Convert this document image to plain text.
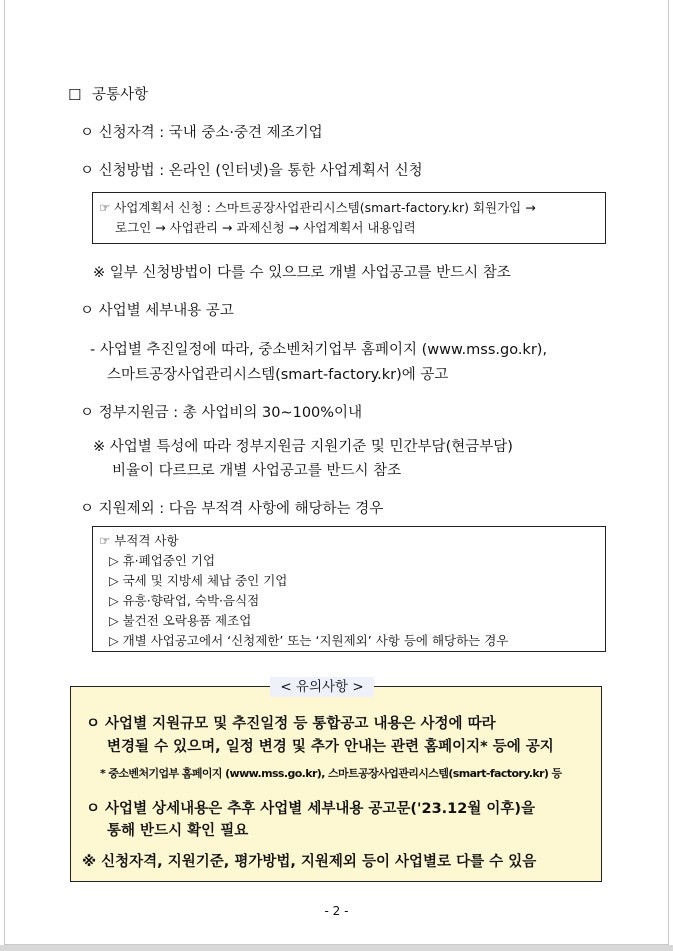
☐ 공통사항
ㅇ 신청자격 : 국내 중소·중견 제조기업
ㅇ 신청방법 : 온라인 (인터넷)을 통한 사업계획서 신청
☞ 사업계획서 신청 : 스마트공장사업관리시스템(smart-factory.kr) 회원가입 →
로그인 → 사업관리 → 과제신청 → 사업계획서 내용입력
※ 일부 신청방법이 다를 수 있으므로 개별 사업공고를 반드시 참조
ㅇ 사업별 세부내용 공고
- 사업별 추진일정에 따라, 중소벤처기업부 홈페이지 (www.mss.go.kr),
스마트공장사업관리시스템(smart-factory.kr)에 공고
ㅇ 정부지원금 : 총 사업비의 30∼100%이내
※ 사업별 특성에 따라 정부지원금 지원기준 및 민간부담(현금부담)
비율이 다르므로 개별 사업공고를 반드시 참조
ㅇ 지원제외 : 다음 부적격 사항에 해당하는 경우
☞ 부적격 사항
▷ 휴·폐업중인 기업
▷ 국세 및 지방세 체납 중인 기업
▷ 유흥·향락업, 숙박·음식점
▷ 불건전 오락용품 제조업
▷ 개별 사업공고에서 ‘신청제한’ 또는 ‘지원제외’ 사항 등에 해당하는 경우
< 유의사항 >
ㅇ 사업별 지원규모 및 추진일정 등 통합공고 내용은 사정에 따라
변경될 수 있으며, 일정 변경 및 추가 안내는 관련 홈페이지* 등에 공지
* 중소벤처기업부 홈페이지 (www.mss.go.kr), 스마트공장사업관리시스템(smart-factory.kr) 등
ㅇ 사업별 상세내용은 추후 사업별 세부내용 공고문('23.12월 이후)을
통해 반드시 확인 필요
※ 신청자격, 지원기준, 평가방법, 지원제외 등이 사업별로 다를 수 있음
- 2 -
